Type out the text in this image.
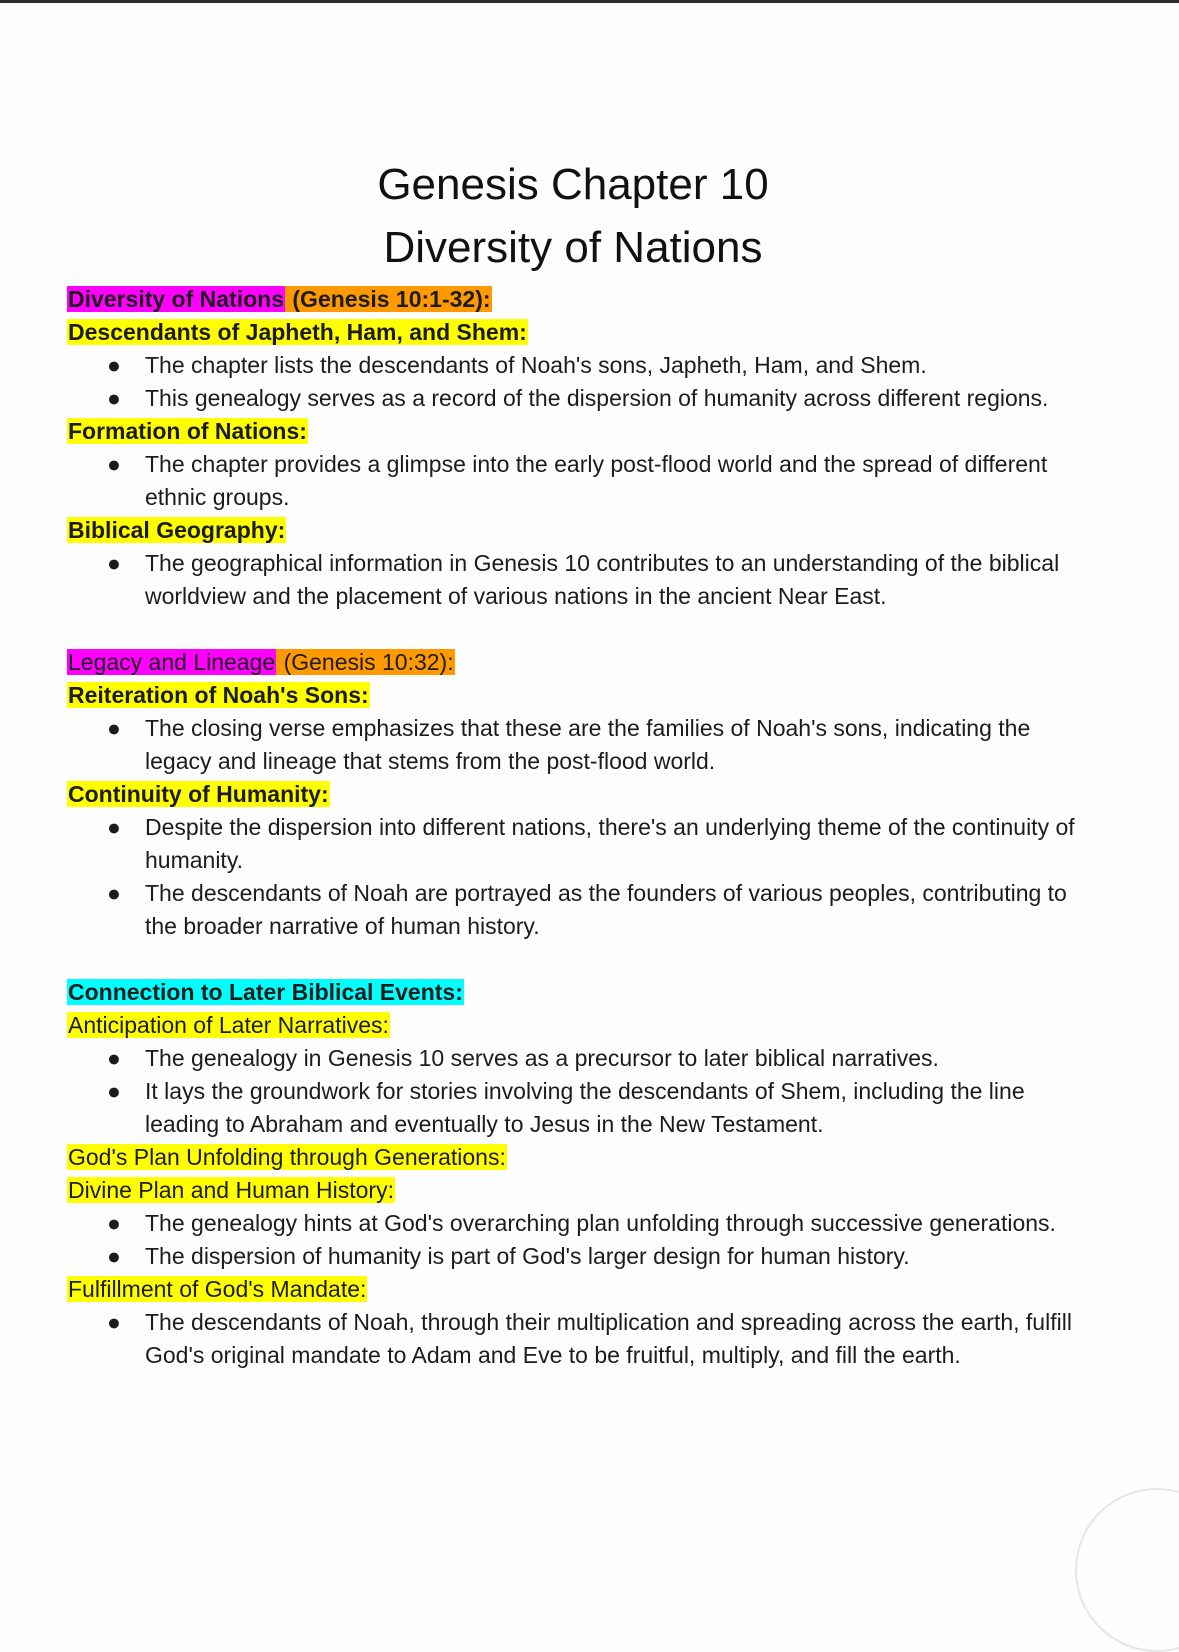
Genesis Chapter 10
Diversity of Nations
Diversity of Nations (Genesis 10:1-32):
Descendants of Japheth, Ham, and Shem:
● The chapter lists the descendants of Noah's sons, Japheth, Ham, and Shem.
● This genealogy serves as a record of the dispersion of humanity across different regions.
Formation of Nations:
● The chapter provides a glimpse into the early post-flood world and the spread of different ethnic groups.
Biblical Geography:
● The geographical information in Genesis 10 contributes to an understanding of the biblical worldview and the placement of various nations in the ancient Near East.
Legacy and Lineage (Genesis 10:32):
Reiteration of Noah's Sons:
● The closing verse emphasizes that these are the families of Noah's sons, indicating the legacy and lineage that stems from the post-flood world.
Continuity of Humanity:
● Despite the dispersion into different nations, there's an underlying theme of the continuity of humanity.
● The descendants of Noah are portrayed as the founders of various peoples, contributing to the broader narrative of human history.
Connection to Later Biblical Events:
Anticipation of Later Narratives:
● The genealogy in Genesis 10 serves as a precursor to later biblical narratives.
● It lays the groundwork for stories involving the descendants of Shem, including the line leading to Abraham and eventually to Jesus in the New Testament.
God's Plan Unfolding through Generations:
Divine Plan and Human History:
● The genealogy hints at God's overarching plan unfolding through successive generations.
● The dispersion of humanity is part of God's larger design for human history.
Fulfillment of God's Mandate:
● The descendants of Noah, through their multiplication and spreading across the earth, fulfill God's original mandate to Adam and Eve to be fruitful, multiply, and fill the earth.
